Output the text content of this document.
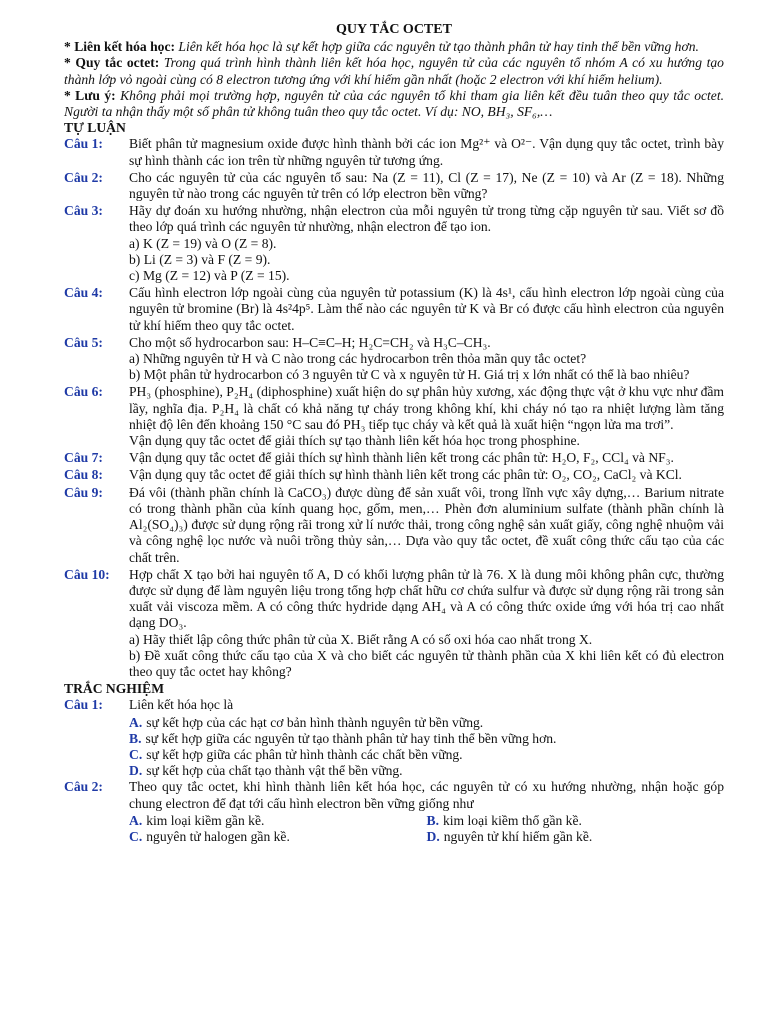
QUY TẮC OCTET

* Liên kết hóa học: Liên kết hóa học là sự kết hợp giữa các nguyên tử tạo thành phân tử hay tinh thể bền vững hơn.

* Quy tắc octet: Trong quá trình hình thành liên kết hóa học, nguyên tử của các nguyên tố nhóm A có xu hướng tạo thành lớp vỏ ngoài cùng có 8 electron tương ứng với khí hiếm gần nhất (hoặc 2 electron với khí hiếm helium).

* Lưu ý: Không phải mọi trường hợp, nguyên tử của các nguyên tố khi tham gia liên kết đều tuân theo quy tắc octet. Người ta nhận thấy một số phân tử không tuân theo quy tắc octet. Ví dụ: NO, BH₃, SF₆,…

TỰ LUẬN
Câu 1:	Biết phân tử magnesium oxide được hình thành bởi các ion Mg²⁺ và O²⁻. Vận dụng quy tắc octet, trình bày sự hình thành các ion trên từ những nguyên tử tương ứng.

Câu 2:	Cho các nguyên tử của các nguyên tố sau: Na (Z = 11), Cl (Z = 17), Ne (Z = 10) và Ar (Z = 18). Những nguyên tử nào trong các nguyên tử trên có lớp electron bền vững?

Câu 3:	Hãy dự đoán xu hướng nhường, nhận electron của mỗi nguyên tử trong từng cặp nguyên tử sau. Viết sơ đồ theo lớp quá trình các nguyên tử nhường, nhận electron để tạo ion.

a) K (Z = 19) và O (Z = 8).

b) Li (Z = 3) và F (Z = 9).

c) Mg (Z = 12) và P (Z = 15).

Câu 4:	Cấu hình electron lớp ngoài cùng của nguyên tử potassium (K) là 4s¹, cấu hình electron lớp ngoài cùng của nguyên tử bromine (Br) là 4s²4p⁵. Làm thế nào các nguyên tử K và Br có được cấu hình electron của nguyên tử khí hiếm theo quy tắc octet.

Câu 5:	Cho một số hydrocarbon sau: H–C≡C–H; H₂C=CH₂ và H₃C–CH₃.

a) Những nguyên tử H và C nào trong các hydrocarbon trên thỏa mãn quy tắc octet?

b) Một phân tử hydrocarbon có 3 nguyên tử C và x nguyên tử H. Giá trị x lớn nhất có thể là bao nhiêu?

Câu 6:	PH₃ (phosphine), P₂H₄ (diphosphine) xuất hiện do sự phân hủy xương, xác động thực vật ở khu vực như đầm lầy, nghĩa địa. P₂H₄ là chất có khả năng tự cháy trong không khí, khi cháy nó tạo ra nhiệt lượng làm tăng nhiệt độ lên đến khoảng 150 °C sau đó PH₃ tiếp tục cháy và kết quả là xuất hiện “ngọn lửa ma trơi”.

Vận dụng quy tắc octet để giải thích sự tạo thành liên kết hóa học trong phosphine.

Câu 7:	Vận dụng quy tắc octet để giải thích sự hình thành liên kết trong các phân tử: H₂O, F₂, CCl₄ và NF₃.

Câu 8:	Vận dụng quy tắc octet để giải thích sự hình thành liên kết trong các phân tử: O₂, CO₂, CaCl₂ và KCl.

Câu 9:	Đá vôi (thành phần chính là CaCO₃) được dùng để sản xuất vôi, trong lĩnh vực xây dựng,… Barium nitrate có trong thành phần của kính quang học, gốm, men,… Phèn đơn aluminium sulfate (thành phần chính là Al₂(SO₄)₃) được sử dụng rộng rãi trong xử lí nước thải, trong công nghệ sản xuất giấy, công nghệ nhuộm vải và công nghệ lọc nước và nuôi trồng thủy sản,… Dựa vào quy tắc octet, đề xuất công thức cấu tạo của các chất trên.

Câu 10:	Hợp chất X tạo bởi hai nguyên tố A, D có khối lượng phân tử là 76. X là dung môi không phân cực, thường được sử dụng để làm nguyên liệu trong tổng hợp chất hữu cơ chứa sulfur và được sử dụng rộng rãi trong sản xuất vải viscoza mềm. A có công thức hydride dạng AH₄ và A có công thức oxide ứng với hóa trị cao nhất dạng DO₃.

a) Hãy thiết lập công thức phân tử của X. Biết rằng A có số oxi hóa cao nhất trong X.

b) Đề xuất công thức cấu tạo của X và cho biết các nguyên tử thành phần của X khi liên kết có đủ electron theo quy tắc octet hay không?

TRẮC NGHIỆM
Câu 1:	Liên kết hóa học là

A. sự kết hợp của các hạt cơ bản hình thành nguyên tử bền vững.

B. sự kết hợp giữa các nguyên tử tạo thành phân tử hay tinh thể bền vững hơn.

C. sự kết hợp giữa các phân tử hình thành các chất bền vững.

D. sự kết hợp của chất tạo thành vật thể bền vững.

Câu 2:	Theo quy tắc octet, khi hình thành liên kết hóa học, các nguyên tử có xu hướng nhường, nhận hoặc góp chung electron để đạt tới cấu hình electron bền vững giống như

A. kim loại kiềm gần kề.	B. kim loại kiềm thổ gần kề.

C. nguyên tử halogen gần kề.	D. nguyên tử khí hiếm gần kề.
